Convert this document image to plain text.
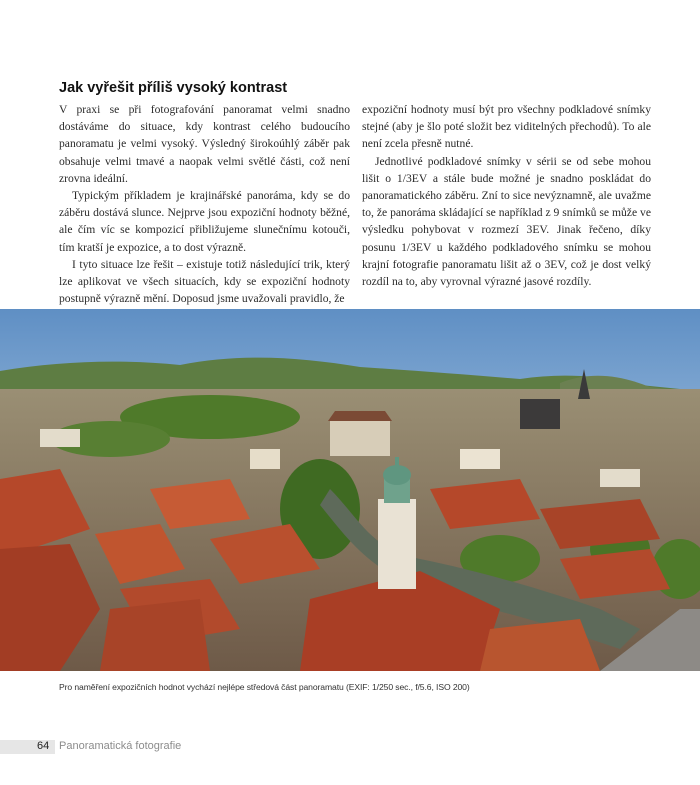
Jak vyřešit příliš vysoký kontrast

V praxi se při fotografování panoramat velmi snadno dostáváme do situace, kdy kontrast celého budoucího panoramatu je velmi vysoký. Výsledný širokoúhlý záběr pak obsahuje velmi tmavé a naopak velmi světlé části, což není zrovna ideální.

Typickým příkladem je krajinářské panoráma, kdy se do záběru dostává slunce. Nejprve jsou expoziční hodnoty běžné, ale čím víc se kompozicí přibližujeme slunečnímu kotouči, tím kratší je expozice, a to dost výrazně.

I tyto situace lze řešit – existuje totiž následující trik, který lze aplikovat ve všech situacích, kdy se expoziční hodnoty postupně výrazně mění. Doposud jsme uvažovali pravidlo, že

expoziční hodnoty musí být pro všechny podkladové snímky stejné (aby je šlo poté složit bez viditelných přechodů). To ale není zcela přesně nutné.

Jednotlivé podkladové snímky v sérii se od sebe mohou lišit o 1/3EV a stále bude možné je snadno poskládat do panoramatického záběru. Zní to sice nevýznamně, ale uvažme to, že panoráma skládající se například z 9 snímků se může ve výsledku pohybovat v rozmezí 3EV. Jinak řečeno, díky posunu 1/3EV u každého podkladového snímku se mohou krajní fotografie panoramatu lišit až o 3EV, což je dost velký rozdíl na to, aby vyrovnal výrazné jasové rozdíly.

Pro naměření expozičních hodnot vychází nejlépe středová část panoramatu (EXIF: 1/250 sec., f/5.6, ISO 200)

64 Panoramatická fotografie
